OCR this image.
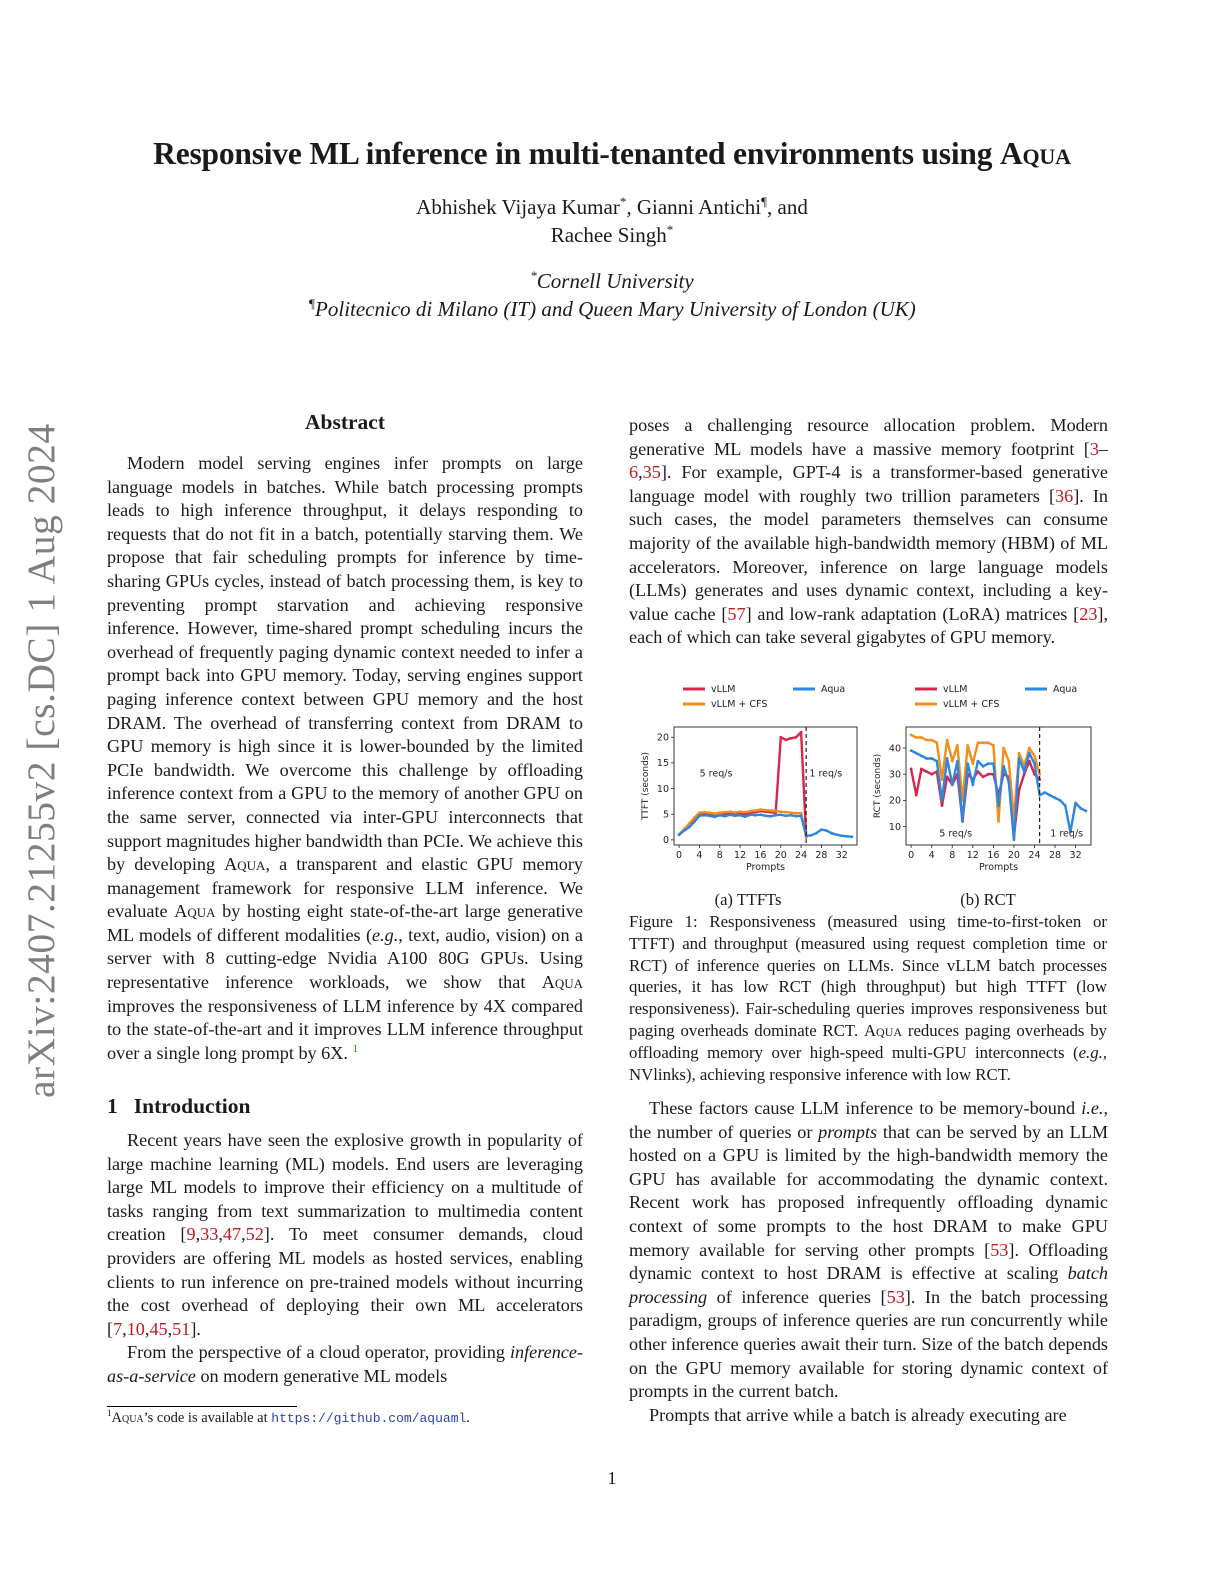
arXiv:2407.21255v2 [cs.DC] 1 Aug 2024
Responsive ML inference in multi-tenanted environments using Aqua
Abhishek Vijaya Kumar*, Gianni Antichi¶, and
Rachee Singh*
*Cornell University
¶Politecnico di Milano (IT) and Queen Mary University of London (UK)
Abstract

Modern model serving engines infer prompts on large language models in batches. While batch processing prompts leads to high inference throughput, it delays responding to requests that do not fit in a batch, potentially starving them. We propose that fair scheduling prompts for inference by time-sharing GPUs cycles, instead of batch processing them, is key to preventing prompt starvation and achieving responsive inference. However, time-shared prompt scheduling incurs the overhead of frequently paging dynamic context needed to infer a prompt back into GPU memory. Today, serving engines support paging inference context between GPU memory and the host DRAM. The overhead of transferring context from DRAM to GPU memory is high since it is lower-bounded by the limited PCIe bandwidth. We overcome this challenge by offloading inference context from a GPU to the memory of another GPU on the same server, connected via inter-GPU interconnects that support magnitudes higher bandwidth than PCIe. We achieve this by developing Aqua, a transparent and elastic GPU memory management framework for responsive LLM inference. We evaluate Aqua by hosting eight state-of-the-art large generative ML models of different modalities (e.g., text, audio, vision) on a server with 8 cutting-edge Nvidia A100 80G GPUs. Using representative inference workloads, we show that Aqua improves the responsiveness of LLM inference by 4X compared to the state-of-the-art and it improves LLM inference throughput over a single long prompt by 6X. $^1$

1 Introduction

Recent years have seen the explosive growth in popularity of large machine learning (ML) models. End users are leveraging large ML models to improve their efficiency on a multitude of tasks ranging from text summarization to multimedia content creation [9,33,47,52]. To meet consumer demands, cloud providers are offering ML models as hosted services, enabling clients to run inference on pre-trained models without incurring the cost overhead of deploying their own ML accelerators [7,10,45,51].

From the perspective of a cloud operator, providing inference-as-a-service on modern generative ML models

$^1$Aqua’s code is available at https://github.com/aquaml.

poses a challenging resource allocation problem. Modern generative ML models have a massive memory footprint [3–6,35]. For example, GPT-4 is a transformer-based generative language model with roughly two trillion parameters [36]. In such cases, the model parameters themselves can consume majority of the available high-bandwidth memory (HBM) of ML accelerators. Moreover, inference on large language models (LLMs) generates and uses dynamic context, including a key-value cache [57] and low-rank adaptation (LoRA) matrices [23], each of which can take several gigabytes of GPU memory.

vLLM
vLLM + CFS
Aqua
0 4 8 12 16 20 24 28 32
0
5
10
15
20
Prompts
TTFT (seconds)	5 req/s	1 req/s
vLLM
vLLM + CFS
Aqua
0 4 8 12 16 20 24 28 32
10
20
30
40
Prompts
RCT (seconds)
5 req/s	1 req/s
(a) TTFTs	(b) RCT
Figure 1: Responsiveness (measured using time-to-first-token or TTFT) and throughput (measured using request completion time or RCT) of inference queries on LLMs. Since vLLM batch processes queries, it has low RCT (high throughput) but high TTFT (low responsiveness). Fair-scheduling queries improves responsiveness but paging overheads dominate RCT. Aqua reduces paging overheads by offloading memory over high-speed multi-GPU interconnects (e.g., NVlinks), achieving responsive inference with low RCT.

These factors cause LLM inference to be memory-bound i.e., the number of queries or prompts that can be served by an LLM hosted on a GPU is limited by the high-bandwidth memory the GPU has available for accommodating the dynamic context. Recent work has proposed infrequently offloading dynamic context of some prompts to the host DRAM to make GPU memory available for serving other prompts [53]. Offloading dynamic context to host DRAM is effective at scaling batch processing of inference queries [53]. In the batch processing paradigm, groups of inference queries are run concurrently while other inference queries await their turn. Size of the batch depends on the GPU memory available for storing dynamic context of prompts in the current batch.

Prompts that arrive while a batch is already executing are

1
